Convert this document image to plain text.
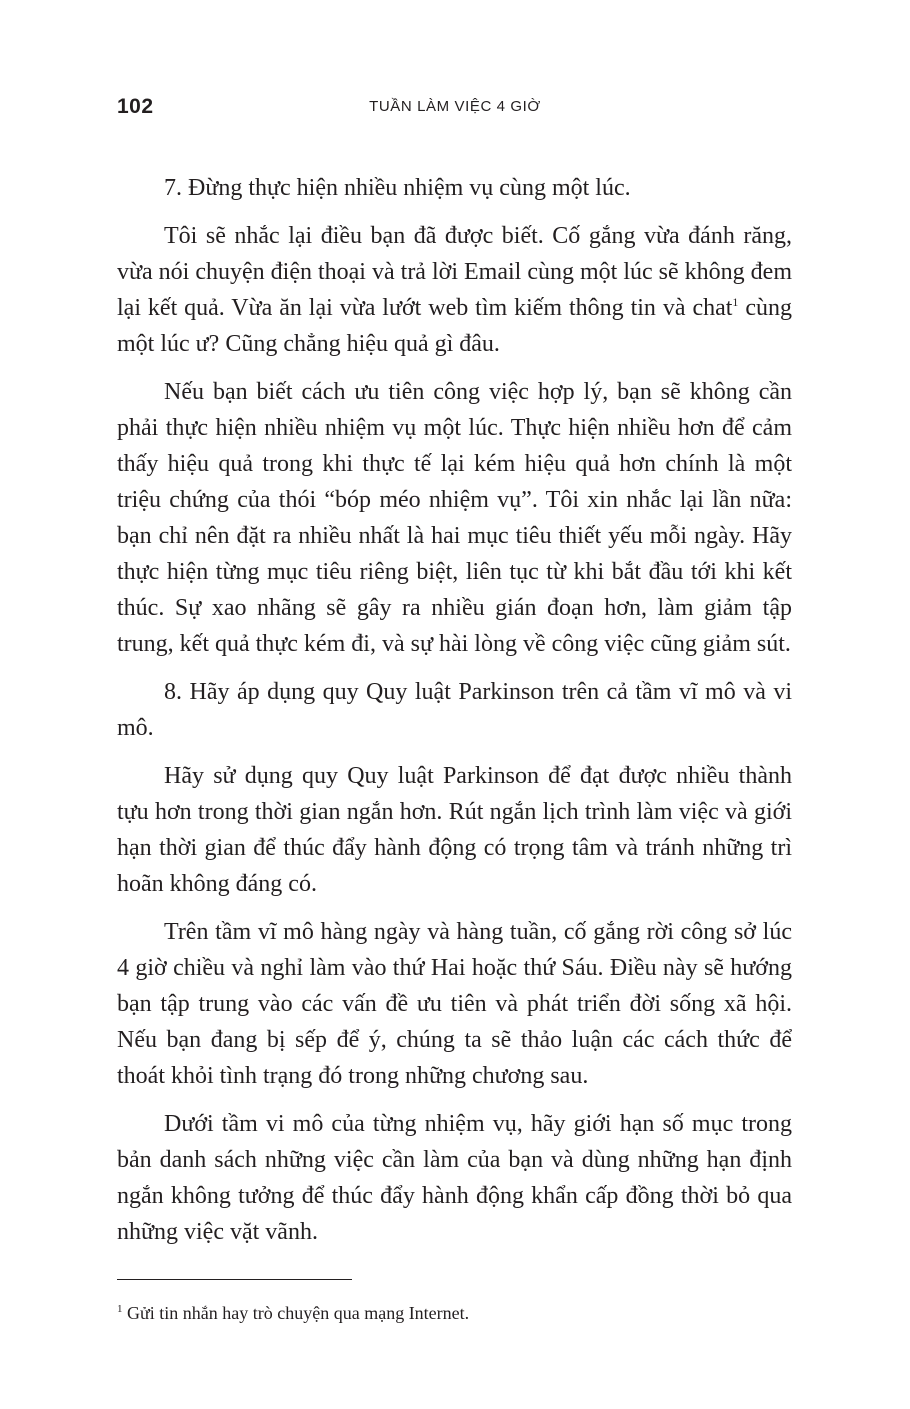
102	TUẦN LÀM VIỆC 4 GIỜ

7. Đừng thực hiện nhiều nhiệm vụ cùng một lúc.

Tôi sẽ nhắc lại điều bạn đã được biết. Cố gắng vừa đánh răng, vừa nói chuyện điện thoại và trả lời Email cùng một lúc sẽ không đem lại kết quả. Vừa ăn lại vừa lướt web tìm kiếm thông tin và chat$^1$ cùng một lúc ư? Cũng chẳng hiệu quả gì đâu.

Nếu bạn biết cách ưu tiên công việc hợp lý, bạn sẽ không cần phải thực hiện nhiều nhiệm vụ một lúc. Thực hiện nhiều hơn để cảm thấy hiệu quả trong khi thực tế lại kém hiệu quả hơn chính là một triệu chứng của thói “bóp méo nhiệm vụ”. Tôi xin nhắc lại lần nữa: bạn chỉ nên đặt ra nhiều nhất là hai mục tiêu thiết yếu mỗi ngày. Hãy thực hiện từng mục tiêu riêng biệt, liên tục từ khi bắt đầu tới khi kết thúc. Sự xao nhãng sẽ gây ra nhiều gián đoạn hơn, làm giảm tập trung, kết quả thực kém đi, và sự hài lòng về công việc cũng giảm sút.

8. Hãy áp dụng quy Quy luật Parkinson trên cả tầm vĩ mô và vi mô.

Hãy sử dụng quy Quy luật Parkinson để đạt được nhiều thành tựu hơn trong thời gian ngắn hơn. Rút ngắn lịch trình làm việc và giới hạn thời gian để thúc đẩy hành động có trọng tâm và tránh những trì hoãn không đáng có.

Trên tầm vĩ mô hàng ngày và hàng tuần, cố gắng rời công sở lúc 4 giờ chiều và nghỉ làm vào thứ Hai hoặc thứ Sáu. Điều này sẽ hướng bạn tập trung vào các vấn đề ưu tiên và phát triển đời sống xã hội. Nếu bạn đang bị sếp để ý, chúng ta sẽ thảo luận các cách thức để thoát khỏi tình trạng đó trong những chương sau.

Dưới tầm vi mô của từng nhiệm vụ, hãy giới hạn số mục trong bản danh sách những việc cần làm của bạn và dùng những hạn định ngắn không tưởng để thúc đẩy hành động khẩn cấp đồng thời bỏ qua những việc vặt vãnh.

$^1$ Gửi tin nhắn hay trò chuyện qua mạng Internet.
